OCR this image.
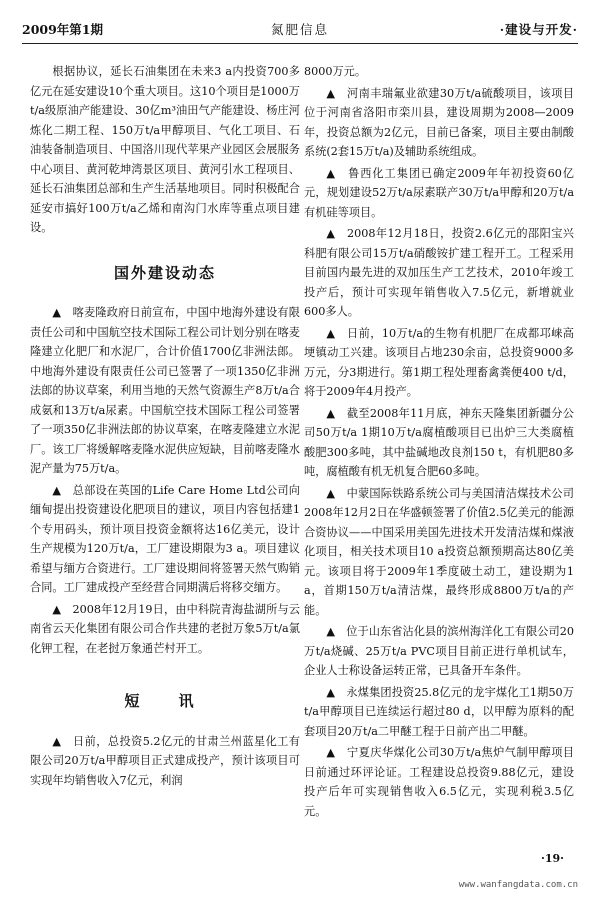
2009年第1期	氮肥信息	·建设与开发·

根据协议，延长石油集团在未来3 a内投资700多亿元在延安建设10个重大项目。这10个项目是1000万t/a级原油产能建设、30亿m³油田气产能建设、杨庄河炼化二期工程、150万t/a甲醇项目、气化工项目、石油装备制造项目、中国洛川现代苹果产业园区会展服务中心项目、黄河乾坤湾景区项目、黄河引水工程项目、延长石油集团总部和生产生活基地项目。同时积极配合延安市搞好100万t/a乙烯和南沟门水库等重点项目建设。

国外建设动态

▲　喀麦隆政府日前宣布，中国中地海外建设有限责任公司和中国航空技术国际工程公司计划分别在喀麦隆建立化肥厂和水泥厂，合计价值1700亿非洲法郎。中地海外建设有限责任公司已签署了一项1350亿非洲法郎的协议草案，利用当地的天然气资源生产8万t/a合成氨和13万t/a尿素。中国航空技术国际工程公司签署了一项350亿非洲法郎的协议草案，在喀麦隆建立水泥厂。该工厂将缓解喀麦隆水泥供应短缺，目前喀麦隆水泥产量为75万t/a。

▲　总部设在英国的Life Care Home Ltd公司向缅甸提出投资建设化肥项目的建议，项目内容包括建1个专用码头，预计项目投资金额将达16亿美元，设计生产规模为120万t/a，工厂建设期限为3 a。项目建议希望与缅方合资进行。工厂建设期间将签署天然气购销合同。工厂建成投产至经营合同期满后将移交缅方。

▲　2008年12月19日，由中科院青海盐湖所与云南省云天化集团有限公司合作共建的老挝万象5万t/a氯化钾工程，在老挝万象通芒村开工。

短　讯

▲　日前，总投资5.2亿元的甘肃兰州蓝星化工有限公司20万t/a甲醇项目正式建成投产，预计该项目可实现年均销售收入7亿元，利润

8000万元。

▲　河南丰瑞氟业欲建30万t/a硫酸项目，该项目位于河南省洛阳市栾川县，建设周期为2008—2009年，投资总额为2亿元，目前已备案，项目主要由制酸系统(2套15万t/a)及辅助系统组成。

▲　鲁西化工集团已确定2009年年初投资60亿元，规划建设52万t/a尿素联产30万t/a甲醇和20万t/a有机硅等项目。

▲　2008年12月18日，投资2.6亿元的邵阳宝兴科肥有限公司15万t/a硝酸铵扩建工程开工。工程采用目前国内最先进的双加压生产工艺技术，2010年竣工投产后，预计可实现年销售收入7.5亿元，新增就业600多人。

▲　日前，10万t/a的生物有机肥厂在成都邛崃高埂镇动工兴建。该项目占地230余亩，总投资9000多万元，分3期进行。第1期工程处理畜禽粪便400 t/d，将于2009年4月投产。

▲　截至2008年11月底，神东天隆集团新疆分公司50万t/a 1期10万t/a腐植酸项目已出炉三大类腐植酸肥300多吨，其中盐碱地改良剂150 t，有机肥80多吨，腐植酸有机无机复合肥60多吨。

▲　中蒙国际铁路系统公司与美国清洁煤技术公司2008年12月2日在华盛顿签署了价值2.5亿美元的能源合资协议——中国采用美国先进技术开发清洁煤和煤液化项目，相关技术项目10 a投资总额预期高达80亿美元。该项目将于2009年1季度破土动工，建设期为1 a，首期150万t/a清洁煤，最终形成8800万t/a的产能。

▲　位于山东省沾化县的滨州海洋化工有限公司20万t/a烧碱、25万t/a PVC项目目前正进行单机试车，企业人士称设备运转正常，已具备开车条件。

▲　永煤集团投资25.8亿元的龙宇煤化工1期50万t/a甲醇项目已连续运行超过80 d，以甲醇为原料的配套项目20万t/a二甲醚工程于日前产出二甲醚。

▲　宁夏庆华煤化公司30万t/a焦炉气制甲醇项目日前通过环评论证。工程建设总投资9.88亿元，建设投产后年可实现销售收入6.5亿元，实现利税3.5亿元。

·19·
www.wanfangdata.com.cn
